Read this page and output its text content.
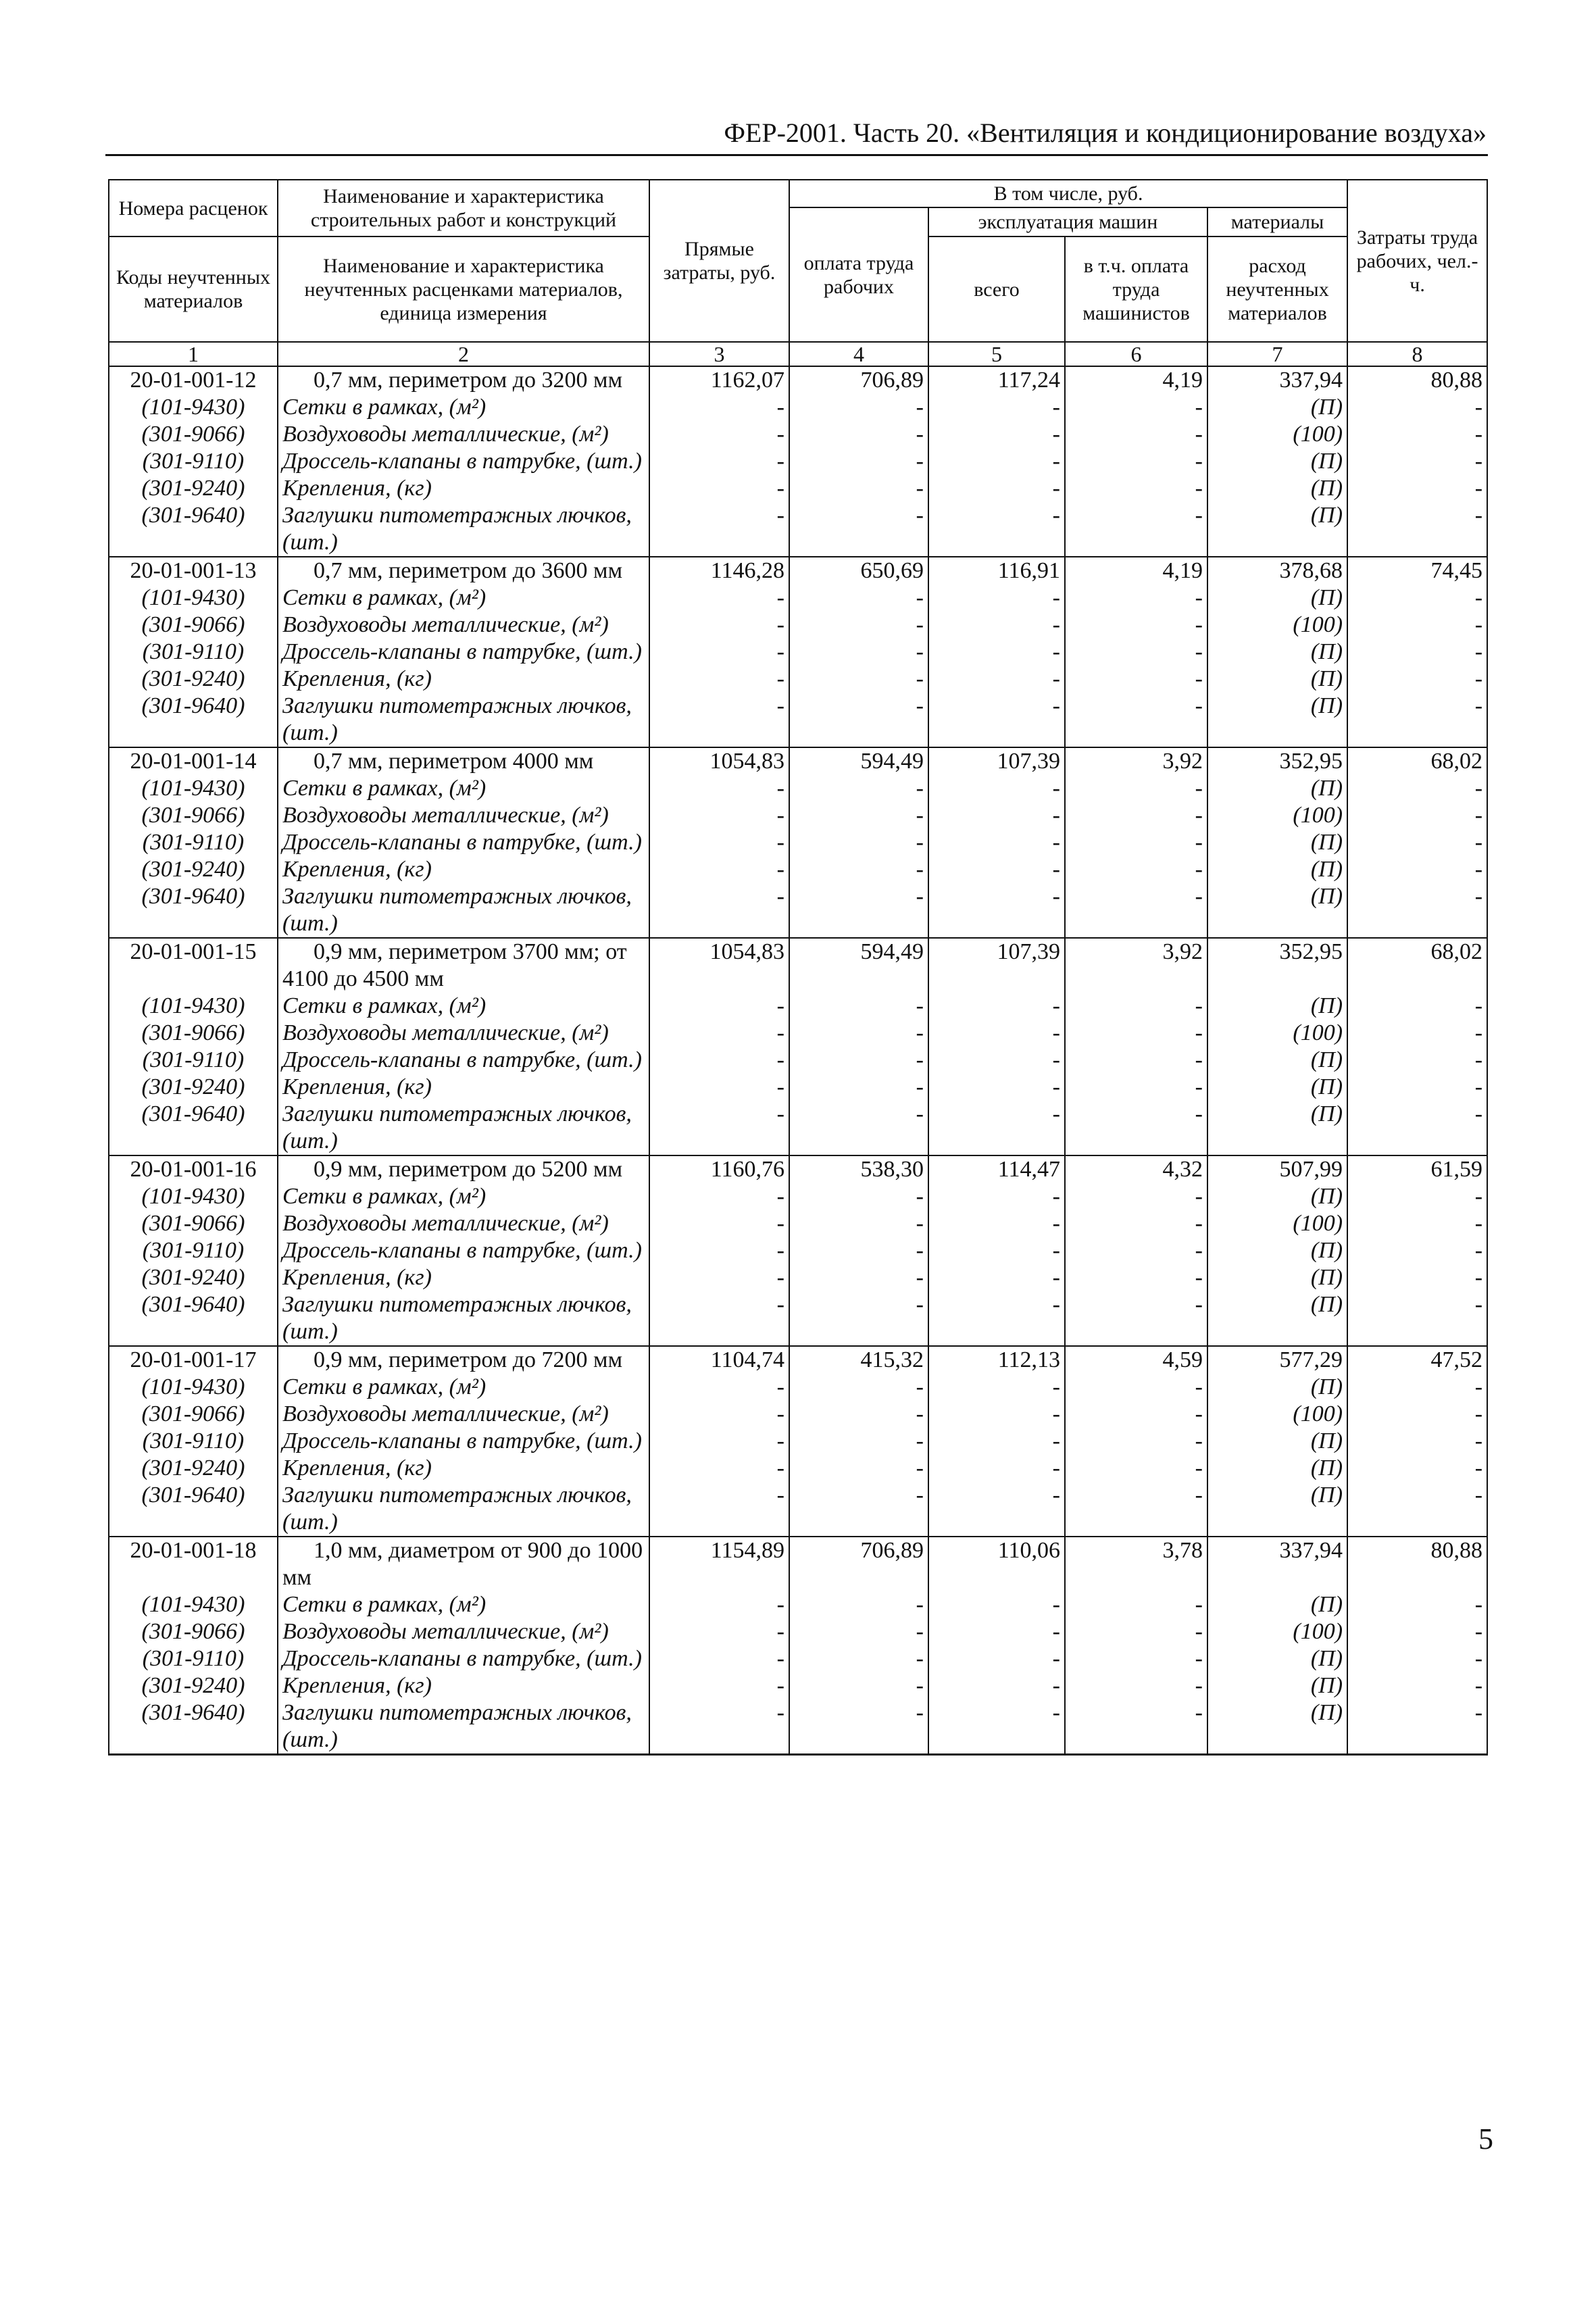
ФЕР-2001. Часть 20. «Вентиляция и кондиционирование воздуха»
Номера расценок	Наименование и характеристика строительных работ и конструкций	Прямые затраты, руб.	В том числе, руб.				Затраты труда рабочих, чел.-ч.
			оплата труда рабочих	эксплуатация машин		материалы	
Коды неучтенных материалов	Наименование и характеристика неучтенных расценками материалов, единица измерения			всего	в т.ч. оплата труда машинистов	расход неучтенных материалов	

1	2	3	4	5	6	7	8
20-01-001-12	0,7 мм, периметром до 3200 мм	1162,07	706,89	117,24	4,19	337,94	80,88
(101-9430)	Сетки в рамках, (м²)	-	-	-	-	(П)	-
(301-9066)	Воздуховоды металлические, (м²)	-	-	-	-	(100)	-
(301-9110)	Дроссель-клапаны в патрубке, (шт.)	-	-	-	-	(П)	-
(301-9240)	Крепления, (кг)	-	-	-	-	(П)	-
(301-9640)	Заглушки питометражных лючков, (шт.)	-	-	-	-	(П)	-
20-01-001-13	0,7 мм, периметром до 3600 мм	1146,28	650,69	116,91	4,19	378,68	74,45
(101-9430)	Сетки в рамках, (м²)	-	-	-	-	(П)	-
(301-9066)	Воздуховоды металлические, (м²)	-	-	-	-	(100)	-
(301-9110)	Дроссель-клапаны в патрубке, (шт.)	-	-	-	-	(П)	-
(301-9240)	Крепления, (кг)	-	-	-	-	(П)	-
(301-9640)	Заглушки питометражных лючков, (шт.)	-	-	-	-	(П)	-
20-01-001-14	0,7 мм, периметром 4000 мм	1054,83	594,49	107,39	3,92	352,95	68,02
(101-9430)	Сетки в рамках, (м²)	-	-	-	-	(П)	-
(301-9066)	Воздуховоды металлические, (м²)	-	-	-	-	(100)	-
(301-9110)	Дроссель-клапаны в патрубке, (шт.)	-	-	-	-	(П)	-
(301-9240)	Крепления, (кг)	-	-	-	-	(П)	-
(301-9640)	Заглушки питометражных лючков, (шт.)	-	-	-	-	(П)	-
20-01-001-15	0,9 мм, периметром 3700 мм; от 4100 до 4500 мм	1054,83	594,49	107,39	3,92	352,95	68,02
(101-9430)	Сетки в рамках, (м²)	-	-	-	-	(П)	-
(301-9066)	Воздуховоды металлические, (м²)	-	-	-	-	(100)	-
(301-9110)	Дроссель-клапаны в патрубке, (шт.)	-	-	-	-	(П)	-
(301-9240)	Крепления, (кг)	-	-	-	-	(П)	-
(301-9640)	Заглушки питометражных лючков, (шт.)	-	-	-	-	(П)	-
20-01-001-16	0,9 мм, периметром до 5200 мм	1160,76	538,30	114,47	4,32	507,99	61,59
(101-9430)	Сетки в рамках, (м²)	-	-	-	-	(П)	-
(301-9066)	Воздуховоды металлические, (м²)	-	-	-	-	(100)	-
(301-9110)	Дроссель-клапаны в патрубке, (шт.)	-	-	-	-	(П)	-
(301-9240)	Крепления, (кг)	-	-	-	-	(П)	-
(301-9640)	Заглушки питометражных лючков, (шт.)	-	-	-	-	(П)	-
20-01-001-17	0,9 мм, периметром до 7200 мм	1104,74	415,32	112,13	4,59	577,29	47,52
(101-9430)	Сетки в рамках, (м²)	-	-	-	-	(П)	-
(301-9066)	Воздуховоды металлические, (м²)	-	-	-	-	(100)	-
(301-9110)	Дроссель-клапаны в патрубке, (шт.)	-	-	-	-	(П)	-
(301-9240)	Крепления, (кг)	-	-	-	-	(П)	-
(301-9640)	Заглушки питометражных лючков, (шт.)	-	-	-	-	(П)	-
20-01-001-18	1,0 мм, диаметром от 900 до 1000 мм	1154,89	706,89	110,06	3,78	337,94	80,88
(101-9430)	Сетки в рамках, (м²)	-	-	-	-	(П)	-
(301-9066)	Воздуховоды металлические, (м²)	-	-	-	-	(100)	-
(301-9110)	Дроссель-клапаны в патрубке, (шт.)	-	-	-	-	(П)	-
(301-9240)	Крепления, (кг)	-	-	-	-	(П)	-
(301-9640)	Заглушки питометражных лючков, (шт.)	-	-	-	-	(П)	-
5
